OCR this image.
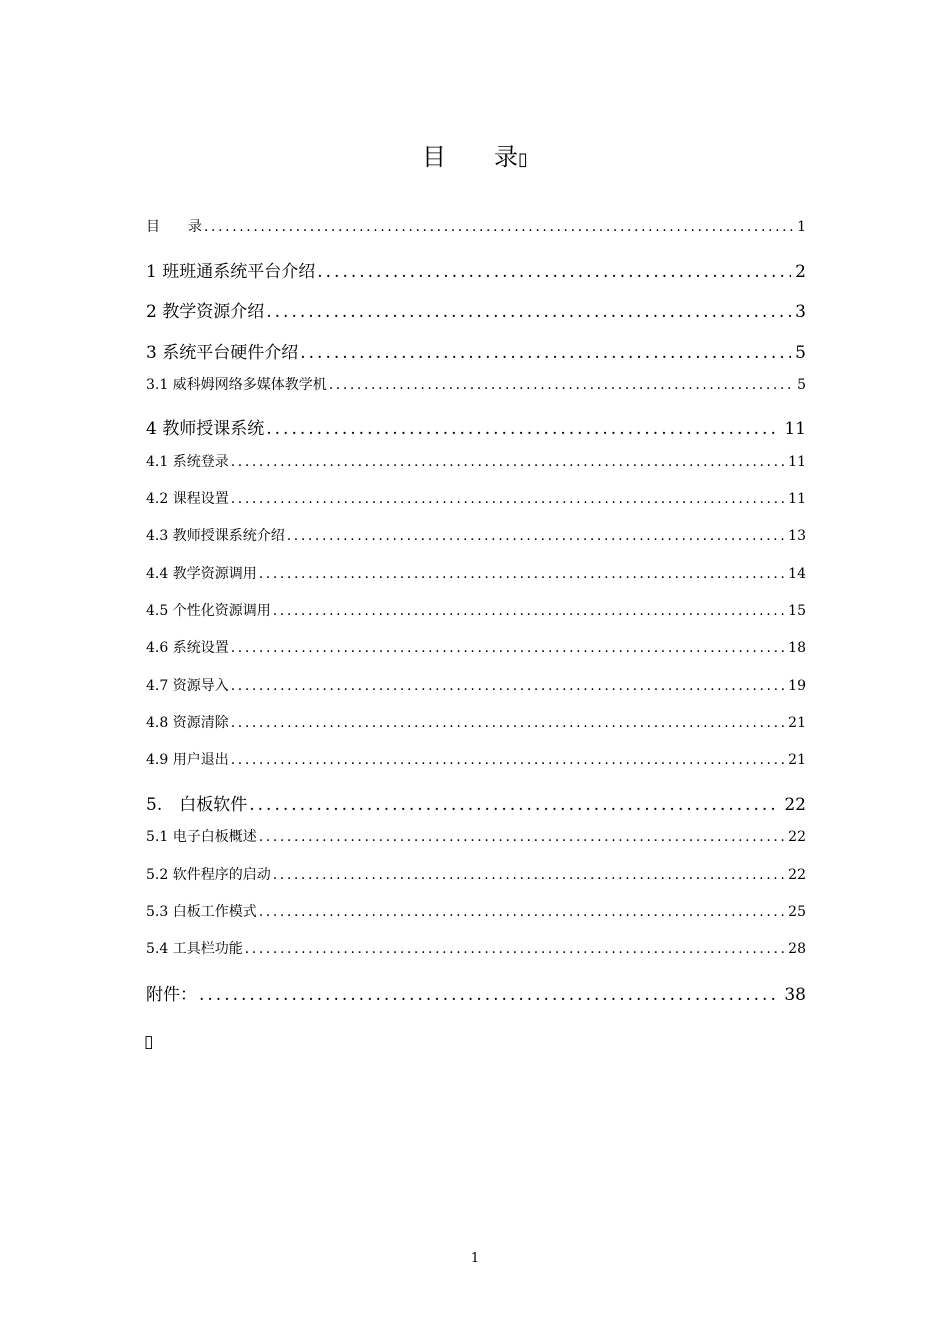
目 录▯
目　　录 .....	1
1 班班通系统平台介绍 .....	2
2 教学资源介绍 .....	3
3 系统平台硬件介绍 .....	5
3.1 威科姆网络多媒体教学机 .....	5
4 教师授课系统 .....	11
4.1 系统登录 .....	11
4.2 课程设置 .....	11
4.3 教师授课系统介绍 .....	13
4.4 教学资源调用 .....	14
4.5 个性化资源调用 .....	15
4.6 系统设置 .....	18
4.7 资源导入 .....	19
4.8 资源清除 .....	21
4.9 用户退出 .....	21
5.　白板软件 .....	22
5.1 电子白板概述 .....	22
5.2 软件程序的启动 .....	22
5.3 白板工作模式 .....	25
5.4 工具栏功能 .....	28
附件： .....	38
▯
1
